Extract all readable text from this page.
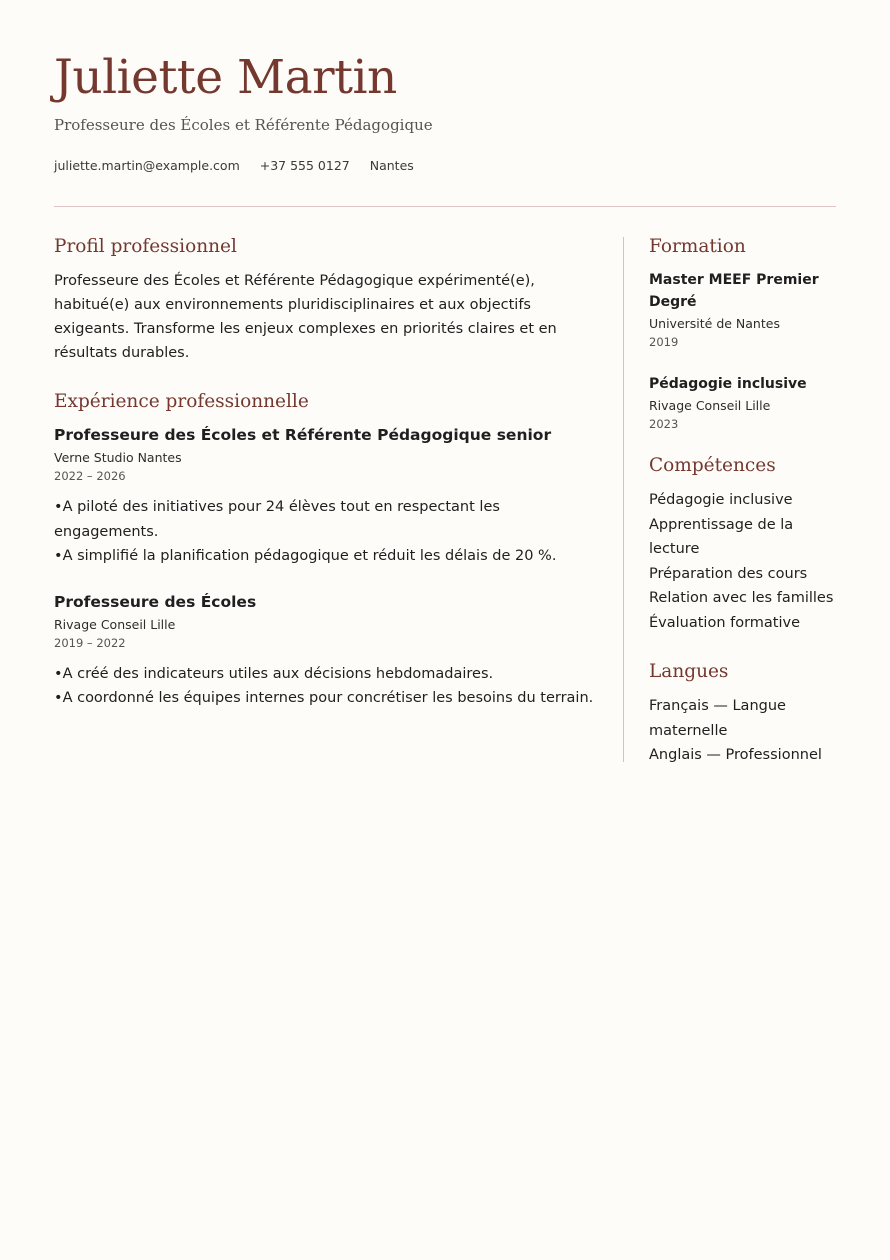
Juliette Martin
Professeure des Écoles et Référente Pédagogique
juliette.martin@example.com +37 555 0127 Nantes
Profil professionnel

Professeure des Écoles et Référente Pédagogique expérimenté(e), habitué(e) aux environnements pluridisciplinaires et aux objectifs exigeants. Transforme les enjeux complexes en priorités claires et en résultats durables.

Expérience professionnelle
Professeure des Écoles et Référente Pédagogique senior
Verne Studio Nantes
2022 – 2026
• A piloté des initiatives pour 24 élèves tout en respectant les engagements.
• A simplifié la planification pédagogique et réduit les délais de 20 %.
Professeure des Écoles
Rivage Conseil Lille
2019 – 2022
• A créé des indicateurs utiles aux décisions hebdomadaires.
• A coordonné les équipes internes pour concrétiser les besoins du terrain.
Formation
Master MEEF Premier Degré
Université de Nantes
2019
Pédagogie inclusive
Rivage Conseil Lille
2023
Compétences
Pédagogie inclusive
Apprentissage de la lecture
Préparation des cours
Relation avec les familles
Évaluation formative
Langues
Français — Langue maternelle
Anglais — Professionnel
